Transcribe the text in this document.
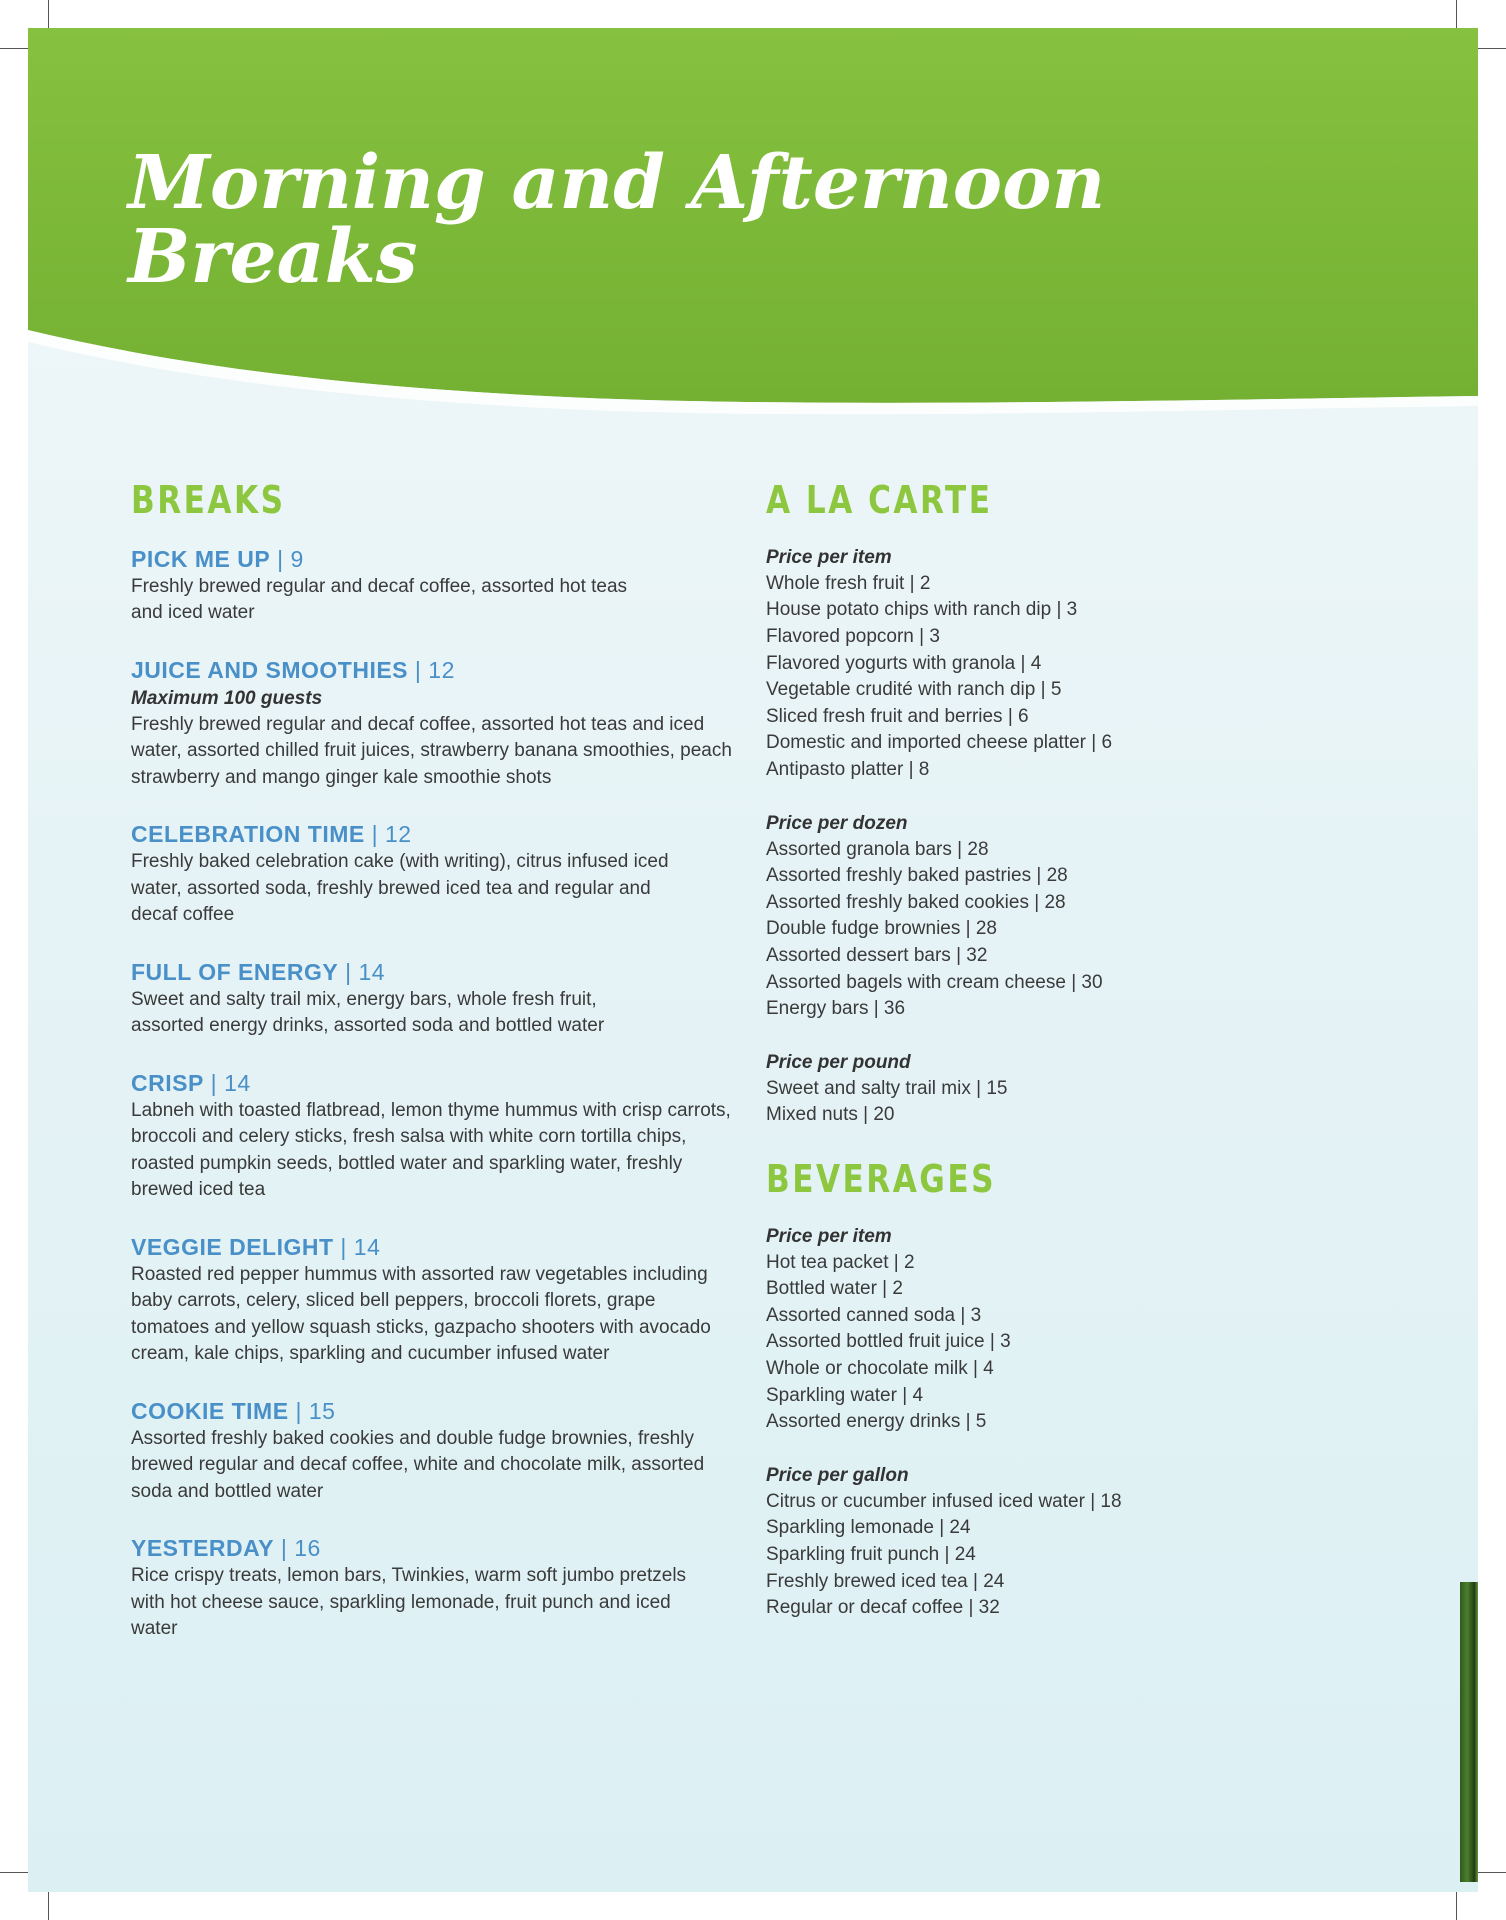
Morning and Afternoon Breaks
BREAKS
PICK ME UP | 9
Freshly brewed regular and decaf coffee, assorted hot teas and iced water
JUICE AND SMOOTHIES | 12
Maximum 100 guests
Freshly brewed regular and decaf coffee, assorted hot teas and iced water, assorted chilled fruit juices, strawberry banana smoothies, peach strawberry and mango ginger kale smoothie shots
CELEBRATION TIME | 12
Freshly baked celebration cake (with writing), citrus infused iced water, assorted soda, freshly brewed iced tea and regular and decaf coffee
FULL OF ENERGY | 14
Sweet and salty trail mix, energy bars, whole fresh fruit, assorted energy drinks, assorted soda and bottled water
CRISP | 14
Labneh with toasted flatbread, lemon thyme hummus with crisp carrots, broccoli and celery sticks, fresh salsa with white corn tortilla chips, roasted pumpkin seeds, bottled water and sparkling water, freshly brewed iced tea
VEGGIE DELIGHT | 14
Roasted red pepper hummus with assorted raw vegetables including baby carrots, celery, sliced bell peppers, broccoli florets, grape tomatoes and yellow squash sticks, gazpacho shooters with avocado cream, kale chips, sparkling and cucumber infused water
COOKIE TIME | 15
Assorted freshly baked cookies and double fudge brownies, freshly brewed regular and decaf coffee, white and chocolate milk, assorted soda and bottled water
YESTERDAY | 16
Rice crispy treats, lemon bars, Twinkies, warm soft jumbo pretzels with hot cheese sauce, sparkling lemonade, fruit punch and iced water
A LA CARTE
Price per item
Whole fresh fruit | 2
House potato chips with ranch dip | 3
Flavored popcorn | 3
Flavored yogurts with granola | 4
Vegetable crudité with ranch dip | 5
Sliced fresh fruit and berries | 6
Domestic and imported cheese platter | 6
Antipasto platter | 8
Price per dozen
Assorted granola bars | 28
Assorted freshly baked pastries | 28
Assorted freshly baked cookies | 28
Double fudge brownies | 28
Assorted dessert bars | 32
Assorted bagels with cream cheese | 30
Energy bars | 36
Price per pound
Sweet and salty trail mix | 15
Mixed nuts | 20
BEVERAGES
Price per item
Hot tea packet | 2
Bottled water | 2
Assorted canned soda | 3
Assorted bottled fruit juice | 3
Whole or chocolate milk | 4
Sparkling water | 4
Assorted energy drinks | 5
Price per gallon
Citrus or cucumber infused iced water | 18
Sparkling lemonade | 24
Sparkling fruit punch | 24
Freshly brewed iced tea | 24
Regular or decaf coffee | 32
